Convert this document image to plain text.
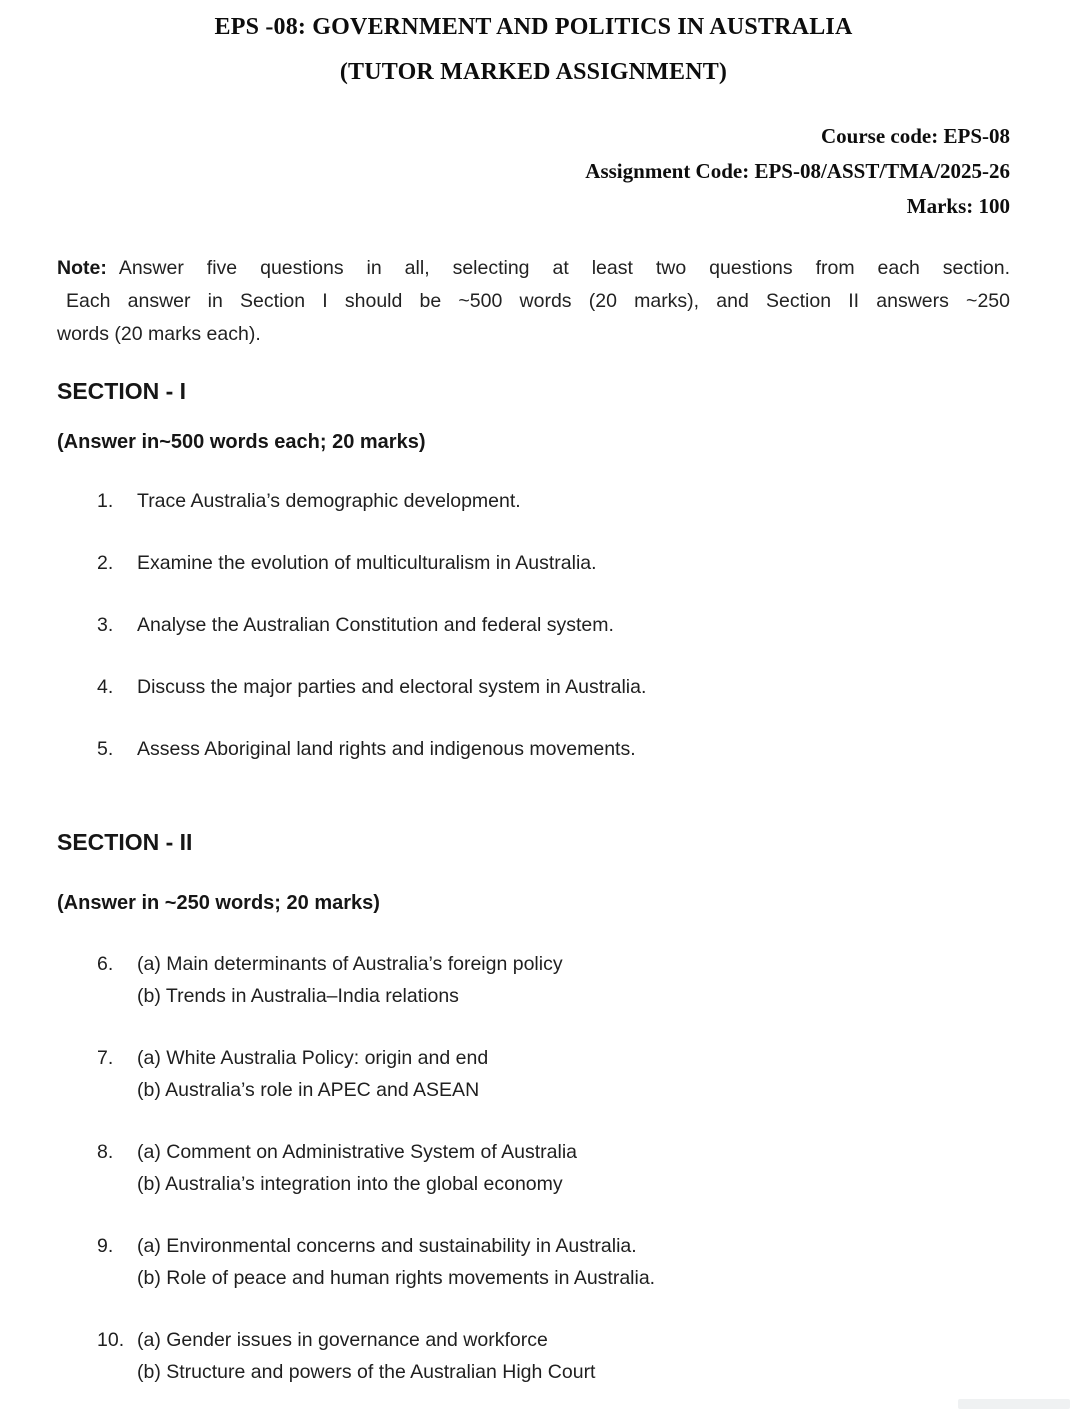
EPS -08: GOVERNMENT AND POLITICS IN AUSTRALIA
(TUTOR MARKED ASSIGNMENT)
Course code: EPS-08
Assignment Code: EPS-08/ASST/TMA/2025-26
Marks: 100

Note: Answer five questions in all, selecting at least two questions from each section.
Each answer in Section I should be ~500 words (20 marks), and Section II answers ~250
words (20 marks each).

SECTION - I

(Answer in~500 words each; 20 marks)

1.	Trace Australia’s demographic development.
2.	Examine the evolution of multiculturalism in Australia.
3.	Analyse the Australian Constitution and federal system.
4.	Discuss the major parties and electoral system in Australia.
5.	Assess Aboriginal land rights and indigenous movements.
SECTION - II

(Answer in ~250 words; 20 marks)

6.	(a) Main determinants of Australia’s foreign policy
(b) Trends in Australia–India relations
7.	(a) White Australia Policy: origin and end
(b) Australia’s role in APEC and ASEAN
8.	(a) Comment on Administrative System of Australia
(b) Australia’s integration into the global economy
9.	(a) Environmental concerns and sustainability in Australia.
(b) Role of peace and human rights movements in Australia.
10. (a) Gender issues in governance and workforce
(b) Structure and powers of the Australian High Court
